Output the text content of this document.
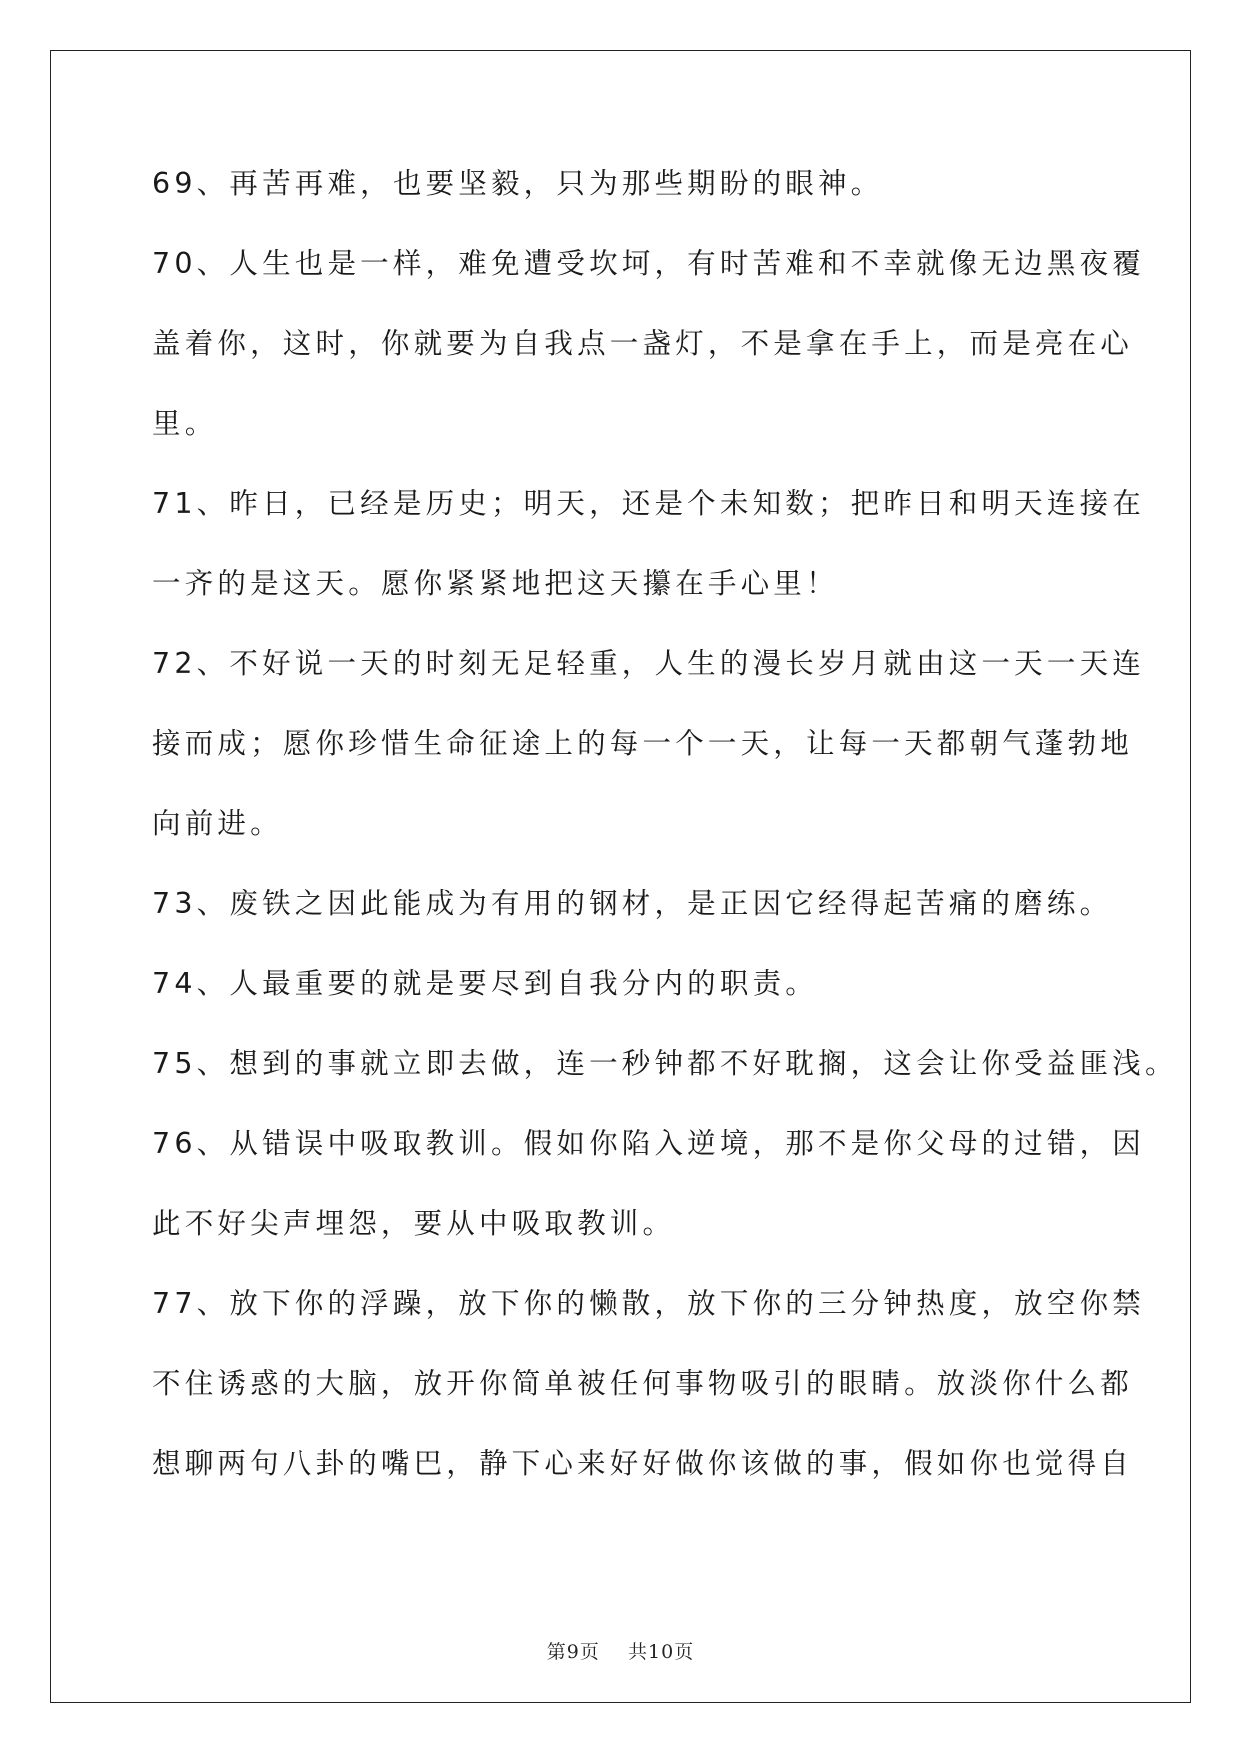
69、再苦再难，也要坚毅，只为那些期盼的眼神。
70、人生也是一样，难免遭受坎坷，有时苦难和不幸就像无边黑夜覆
盖着你，这时，你就要为自我点一盏灯，不是拿在手上，而是亮在心
里。
71、昨日，已经是历史；明天，还是个未知数；把昨日和明天连接在
一齐的是这天。愿你紧紧地把这天攥在手心里！
72、不好说一天的时刻无足轻重，人生的漫长岁月就由这一天一天连
接而成；愿你珍惜生命征途上的每一个一天，让每一天都朝气蓬勃地
向前进。
73、废铁之因此能成为有用的钢材，是正因它经得起苦痛的磨练。
74、人最重要的就是要尽到自我分内的职责。
75、想到的事就立即去做，连一秒钟都不好耽搁，这会让你受益匪浅。
76、从错误中吸取教训。假如你陷入逆境，那不是你父母的过错，因
此不好尖声埋怨，要从中吸取教训。
77、放下你的浮躁，放下你的懒散，放下你的三分钟热度，放空你禁
不住诱惑的大脑，放开你简单被任何事物吸引的眼睛。放淡你什么都
想聊两句八卦的嘴巴，静下心来好好做你该做的事，假如你也觉得自
第9页 共10页
